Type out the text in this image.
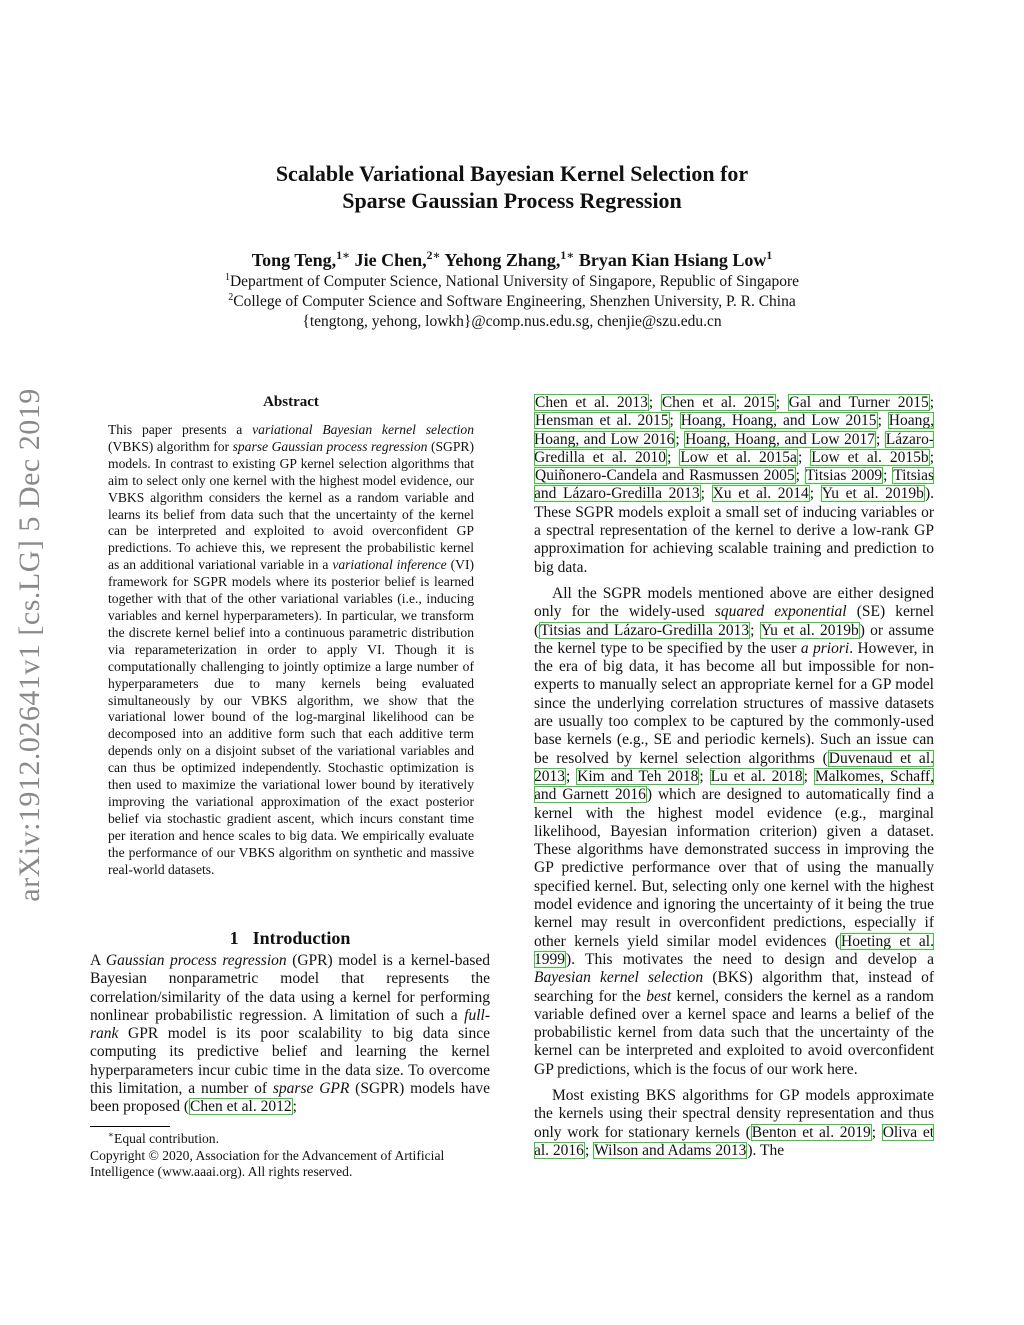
arXiv:1912.02641v1 [cs.LG] 5 Dec 2019
Scalable Variational Bayesian Kernel Selection for
Sparse Gaussian Process Regression
Tong Teng,$^{1∗}$ Jie Chen,$^{2∗}$ Yehong Zhang,$^{1∗}$ Bryan Kian Hsiang Low$^1$
$^1$Department of Computer Science, National University of Singapore, Republic of Singapore
$^2$College of Computer Science and Software Engineering, Shenzhen University, P. R. China
{tengtong, yehong, lowkh}@comp.nus.edu.sg, chenjie@szu.edu.cn
Abstract
This paper presents a variational Bayesian kernel selection (VBKS) algorithm for sparse Gaussian process regression (SGPR) models. In contrast to existing GP kernel selection algorithms that aim to select only one kernel with the highest model evidence, our VBKS algorithm considers the kernel as a random variable and learns its belief from data such that the uncertainty of the kernel can be interpreted and exploited to avoid overconfident GP predictions. To achieve this, we represent the probabilistic kernel as an additional variational variable in a variational inference (VI) framework for SGPR models where its posterior belief is learned together with that of the other variational variables (i.e., inducing variables and kernel hyperparameters). In particular, we transform the discrete kernel belief into a continuous parametric distribution via reparameterization in order to apply VI. Though it is computationally challenging to jointly optimize a large number of hyperparameters due to many kernels being evaluated simultaneously by our VBKS algorithm, we show that the variational lower bound of the log-marginal likelihood can be decomposed into an additive form such that each additive term depends only on a disjoint subset of the variational variables and can thus be optimized independently. Stochastic optimization is then used to maximize the variational lower bound by iteratively improving the variational approximation of the exact posterior belief via stochastic gradient ascent, which incurs constant time per iteration and hence scales to big data. We empirically evaluate the performance of our VBKS algorithm on synthetic and massive real-world datasets.
1 Introduction
A Gaussian process regression (GPR) model is a kernel-based Bayesian nonparametric model that represents the correlation/similarity of the data using a kernel for performing nonlinear probabilistic regression. A limitation of such a full-rank GPR model is its poor scalability to big data since computing its predictive belief and learning the kernel hyperparameters incur cubic time in the data size. To overcome this limitation, a number of sparse GPR (SGPR) models have been proposed (Chen et al. 2012;
∗Equal contribution.
Copyright © 2020, Association for the Advancement of Artificial
Intelligence (www.aaai.org). All rights reserved.

Chen et al. 2013; Chen et al. 2015; Gal and Turner 2015; Hensman et al. 2015; Hoang, Hoang, and Low 2015; Hoang, Hoang, and Low 2016; Hoang, Hoang, and Low 2017; Lázaro-Gredilla et al. 2010; Low et al. 2015a; Low et al. 2015b; Quiñonero-Candela and Rasmussen 2005; Titsias 2009; Titsias and Lázaro-Gredilla 2013; Xu et al. 2014; Yu et al. 2019b). These SGPR models exploit a small set of inducing variables or a spectral representation of the kernel to derive a low-rank GP approximation for achieving scalable training and prediction to big data.

All the SGPR models mentioned above are either designed only for the widely-used squared exponential (SE) kernel (Titsias and Lázaro-Gredilla 2013; Yu et al. 2019b) or assume the kernel type to be specified by the user a priori. However, in the era of big data, it has become all but impossible for non-experts to manually select an appropriate kernel for a GP model since the underlying correlation structures of massive datasets are usually too complex to be captured by the commonly-used base kernels (e.g., SE and periodic kernels). Such an issue can be resolved by kernel selection algorithms (Duvenaud et al. 2013; Kim and Teh 2018; Lu et al. 2018; Malkomes, Schaff, and Garnett 2016) which are designed to automatically find a kernel with the highest model evidence (e.g., marginal likelihood, Bayesian information criterion) given a dataset. These algorithms have demonstrated success in improving the GP predictive performance over that of using the manually specified kernel. But, selecting only one kernel with the highest model evidence and ignoring the uncertainty of it being the true kernel may result in overconfident predictions, especially if other kernels yield similar model evidences (Hoeting et al. 1999). This motivates the need to design and develop a Bayesian kernel selection (BKS) algorithm that, instead of searching for the best kernel, considers the kernel as a random variable defined over a kernel space and learns a belief of the probabilistic kernel from data such that the uncertainty of the kernel can be interpreted and exploited to avoid overconfident GP predictions, which is the focus of our work here.

Most existing BKS algorithms for GP models approximate the kernels using their spectral density representation and thus only work for stationary kernels (Benton et al. 2019; Oliva et al. 2016; Wilson and Adams 2013). The
